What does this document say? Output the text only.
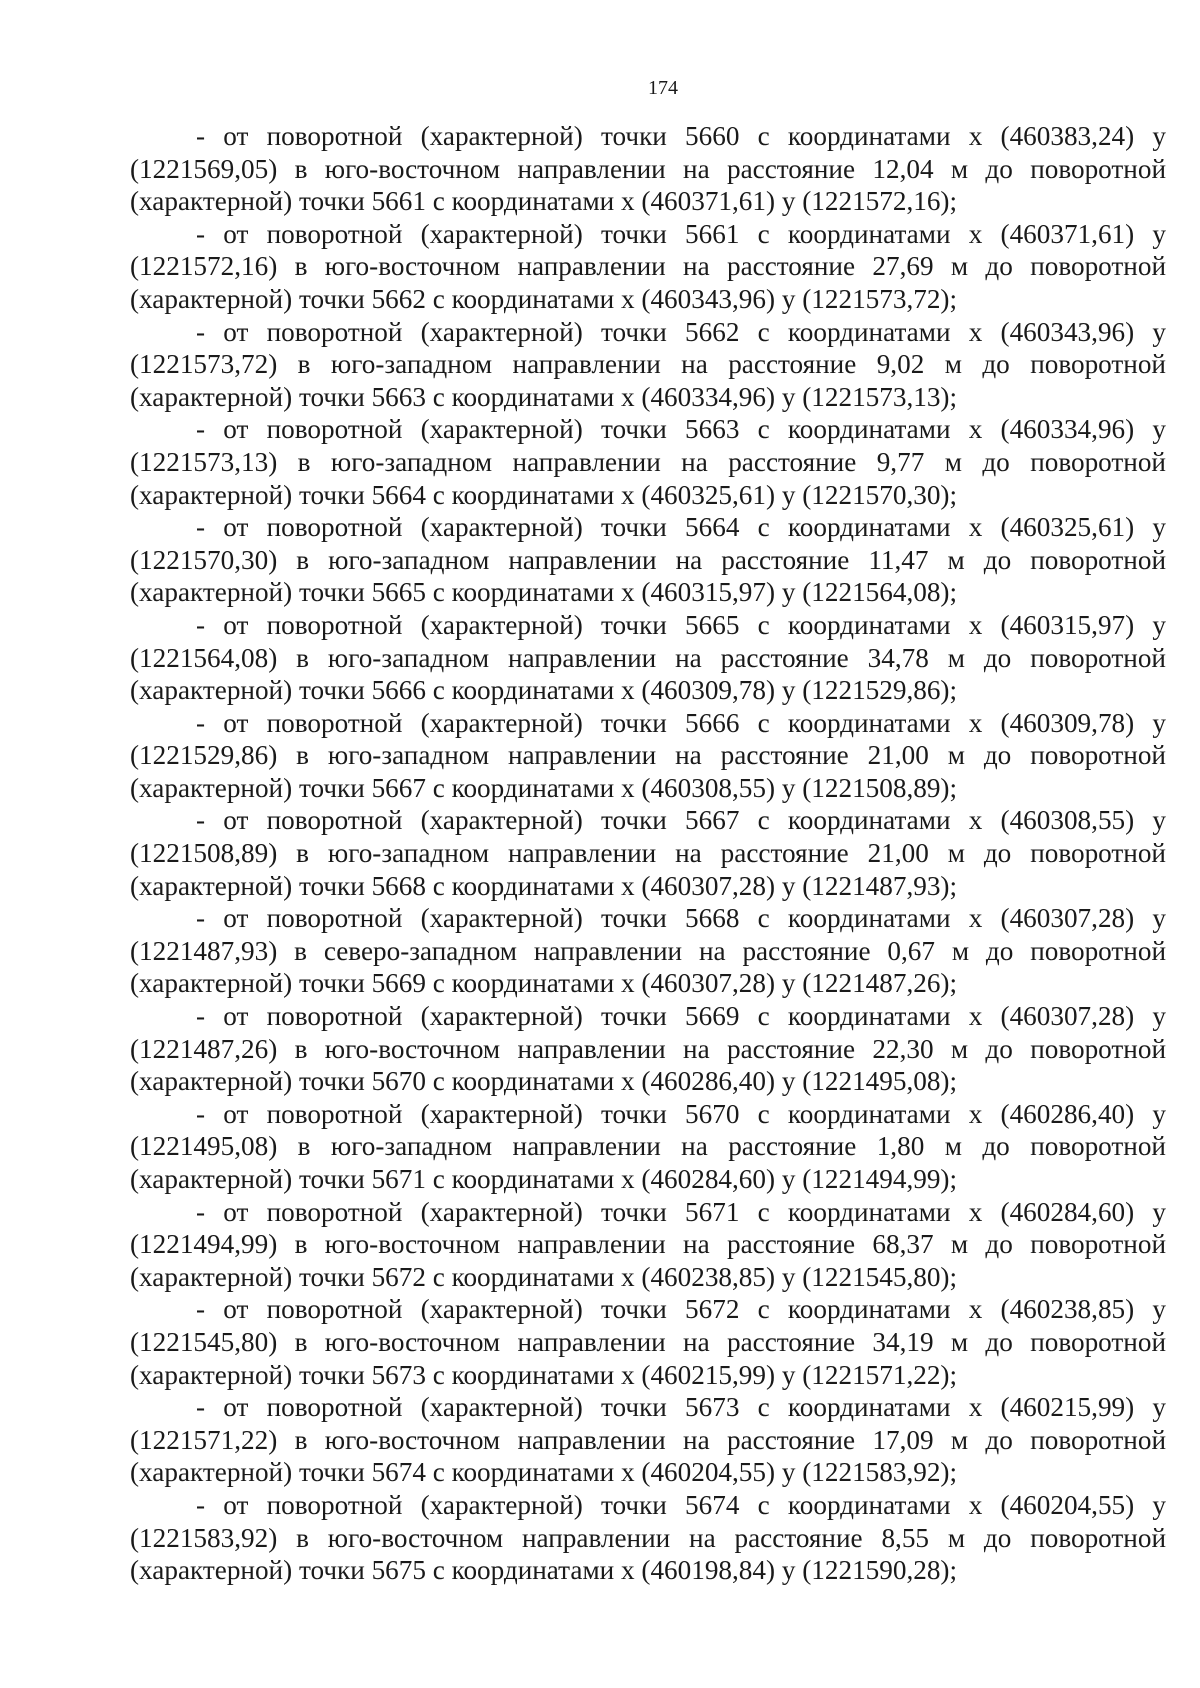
174

- от поворотной (характерной) точки 5660 с координатами x (460383,24) y (1221569,05) в юго-восточном направлении на расстояние 12,04 м до поворотной (характерной) точки 5661 с координатами x (460371,61) y (1221572,16);

- от поворотной (характерной) точки 5661 с координатами x (460371,61) y (1221572,16) в юго-восточном направлении на расстояние 27,69 м до поворотной (характерной) точки 5662 с координатами x (460343,96) y (1221573,72);

- от поворотной (характерной) точки 5662 с координатами x (460343,96) y (1221573,72) в юго-западном направлении на расстояние 9,02 м до поворотной (характерной) точки 5663 с координатами x (460334,96) y (1221573,13);

- от поворотной (характерной) точки 5663 с координатами x (460334,96) y (1221573,13) в юго-западном направлении на расстояние 9,77 м до поворотной (характерной) точки 5664 с координатами x (460325,61) y (1221570,30);

- от поворотной (характерной) точки 5664 с координатами x (460325,61) y (1221570,30) в юго-западном направлении на расстояние 11,47 м до поворотной (характерной) точки 5665 с координатами x (460315,97) y (1221564,08);

- от поворотной (характерной) точки 5665 с координатами x (460315,97) y (1221564,08) в юго-западном направлении на расстояние 34,78 м до поворотной (характерной) точки 5666 с координатами x (460309,78) y (1221529,86);

- от поворотной (характерной) точки 5666 с координатами x (460309,78) y (1221529,86) в юго-западном направлении на расстояние 21,00 м до поворотной (характерной) точки 5667 с координатами x (460308,55) y (1221508,89);

- от поворотной (характерной) точки 5667 с координатами x (460308,55) y (1221508,89) в юго-западном направлении на расстояние 21,00 м до поворотной (характерной) точки 5668 с координатами x (460307,28) y (1221487,93);

- от поворотной (характерной) точки 5668 с координатами x (460307,28) y (1221487,93) в северо-западном направлении на расстояние 0,67 м до поворотной (характерной) точки 5669 с координатами x (460307,28) y (1221487,26);

- от поворотной (характерной) точки 5669 с координатами x (460307,28) y (1221487,26) в юго-восточном направлении на расстояние 22,30 м до поворотной (характерной) точки 5670 с координатами x (460286,40) y (1221495,08);

- от поворотной (характерной) точки 5670 с координатами x (460286,40) y (1221495,08) в юго-западном направлении на расстояние 1,80 м до поворотной (характерной) точки 5671 с координатами x (460284,60) y (1221494,99);

- от поворотной (характерной) точки 5671 с координатами x (460284,60) y (1221494,99) в юго-восточном направлении на расстояние 68,37 м до поворотной (характерной) точки 5672 с координатами x (460238,85) y (1221545,80);

- от поворотной (характерной) точки 5672 с координатами x (460238,85) y (1221545,80) в юго-восточном направлении на расстояние 34,19 м до поворотной (характерной) точки 5673 с координатами x (460215,99) y (1221571,22);

- от поворотной (характерной) точки 5673 с координатами x (460215,99) y (1221571,22) в юго-восточном направлении на расстояние 17,09 м до поворотной (характерной) точки 5674 с координатами x (460204,55) y (1221583,92);

- от поворотной (характерной) точки 5674 с координатами x (460204,55) y (1221583,92) в юго-восточном направлении на расстояние 8,55 м до поворотной (характерной) точки 5675 с координатами x (460198,84) y (1221590,28);
